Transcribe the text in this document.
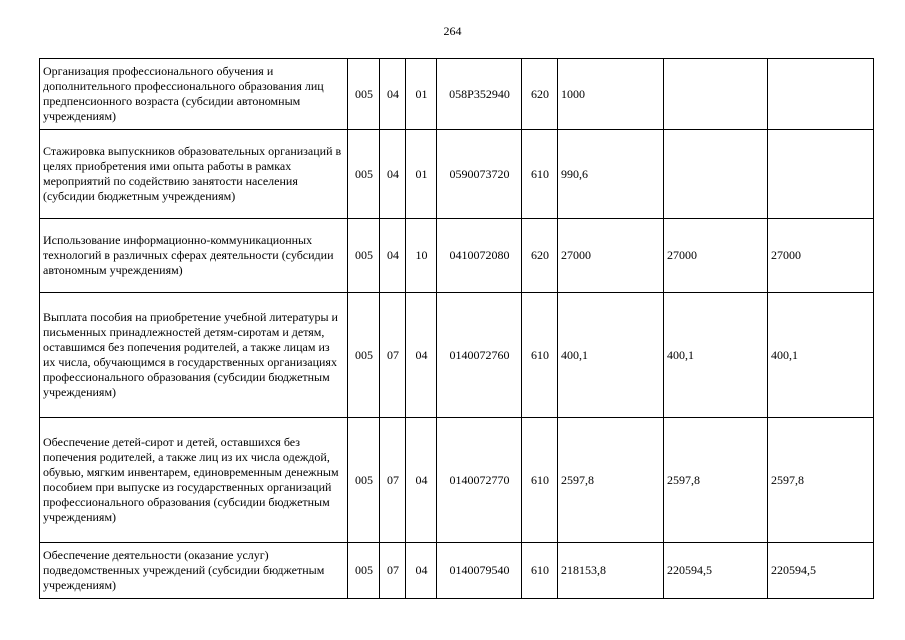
264
Организация профессионального обучения и дополнительного профессионального образования лиц предпенсионного возраста (субсидии автономным учреждениям)	005	04	01	058P352940	620	1000		
Стажировка выпускников образовательных организаций в целях приобретения ими опыта работы в рамках мероприятий по содействию занятости населения (субсидии бюджетным учреждениям)	005	04	01	0590073720	610	990,6		
Использование информационно-коммуникационных технологий в различных сферах деятельности (субсидии автономным учреждениям)	005	04	10	0410072080	620	27000	27000	27000
Выплата пособия на приобретение учебной литературы и письменных принадлежностей детям-сиротам и детям, оставшимся без попечения родителей, а также лицам из их числа, обучающимся в государственных организациях профессионального образования (субсидии бюджетным учреждениям)	005	07	04	0140072760	610	400,1	400,1	400,1
Обеспечение детей-сирот и детей, оставшихся без попечения родителей, а также лиц из их числа одеждой, обувью, мягким инвентарем, единовременным денежным пособием при выпуске из государственных организаций профессионального образования (субсидии бюджетным учреждениям)	005	07	04	0140072770	610	2597,8	2597,8	2597,8
Обеспечение деятельности (оказание услуг) подведомственных учреждений (субсидии бюджетным учреждениям)	005	07	04	0140079540	610	218153,8	220594,5	220594,5
